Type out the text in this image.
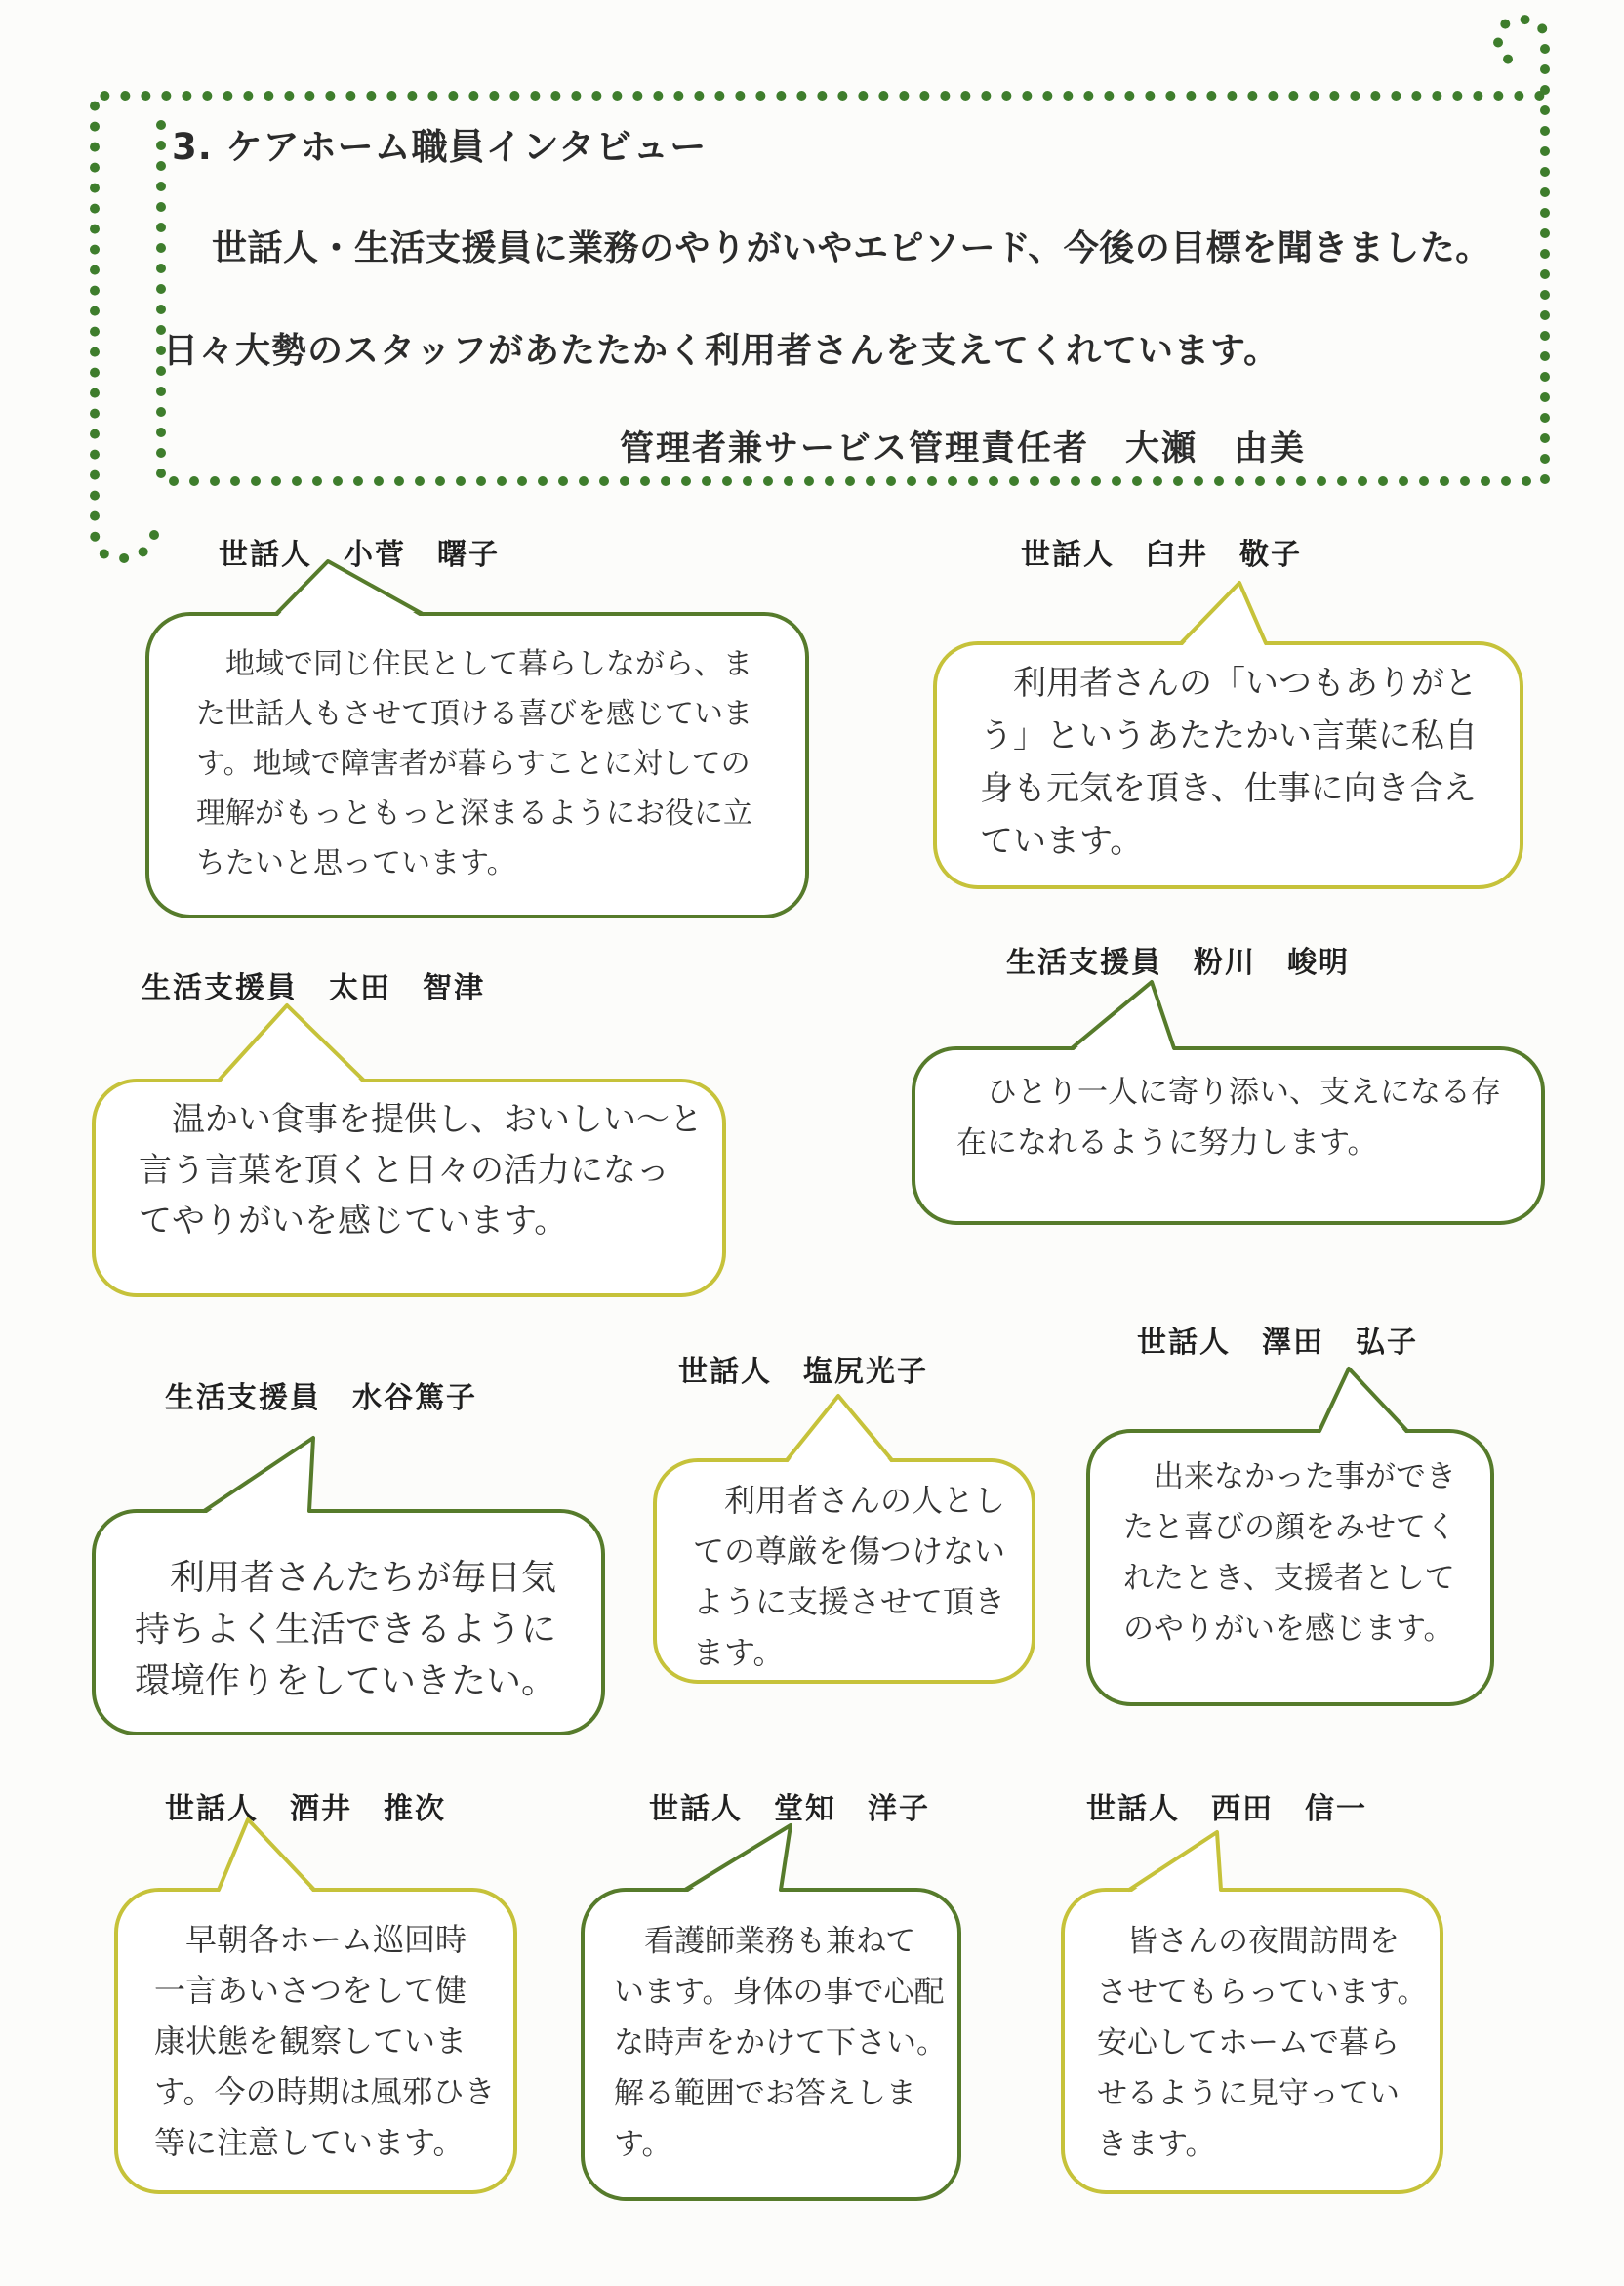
3. ケアホーム職員インタビュー
世話人・生活支援員に業務のやりがいやエピソード、今後の目標を聞きました。
日々大勢のスタッフがあたたかく利用者さんを支えてくれています。
管理者兼サービス管理責任者　大瀬　由美
世話人　小菅　曙子
地域で同じ住民として暮らしながら、ま
た世話人もさせて頂ける喜びを感じていま
す。地域で障害者が暮らすことに対しての
理解がもっともっと深まるようにお役に立
ちたいと思っています。
世話人　臼井　敬子
利用者さんの「いつもありがと
う」というあたたかい言葉に私自
身も元気を頂き、仕事に向き合え
ています。
生活支援員　太田　智津
温かい食事を提供し、おいしい～と
言う言葉を頂くと日々の活力になっ
てやりがいを感じています。
生活支援員　粉川　峻明
ひとり一人に寄り添い、支えになる存
在になれるように努力します。
生活支援員　水谷篤子
利用者さんたちが毎日気
持ちよく生活できるように
環境作りをしていきたい。
世話人　塩尻光子
利用者さんの人とし
ての尊厳を傷つけない
ように支援させて頂き
ます。
世話人　澤田　弘子
出来なかった事ができ
たと喜びの顔をみせてく
れたとき、支援者として
のやりがいを感じます。
世話人　酒井　推次
早朝各ホーム巡回時
一言あいさつをして健
康状態を観察していま
す。今の時期は風邪ひき
等に注意しています。
世話人　堂知　洋子
看護師業務も兼ねて
います。身体の事で心配
な時声をかけて下さい。
解る範囲でお答えしま
す。
世話人　西田　信一
皆さんの夜間訪問を
させてもらっています。
安心してホームで暮ら
せるように見守ってい
きます。
